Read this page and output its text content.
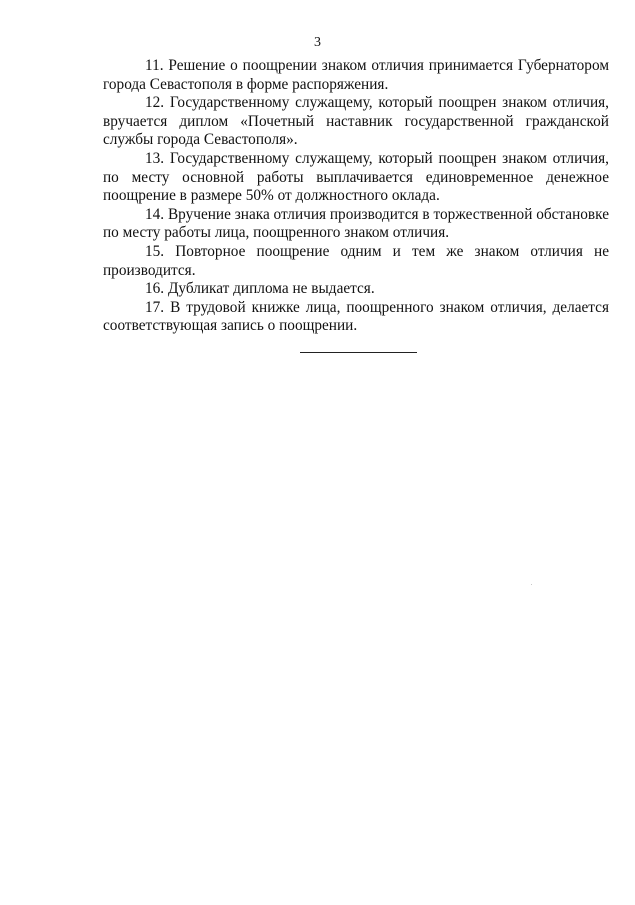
3

11. Решение о поощрении знаком отличия принимается Губернатором города Севастополя в форме распоряжения.

12. Государственному служащему, который поощрен знаком отличия, вручается диплом «Почетный наставник государственной гражданской службы города Севастополя».

13. Государственному служащему, который поощрен знаком отличия, по месту основной работы выплачивается единовременное денежное поощрение в размере 50% от должностного оклада.

14. Вручение знака отличия производится в торжественной обстановке по месту работы лица, поощренного знаком отличия.

15. Повторное поощрение одним и тем же знаком отличия не производится.

16. Дубликат диплома не выдается.

17. В трудовой книжке лица, поощренного знаком отличия, делается соответствующая запись о поощрении.
